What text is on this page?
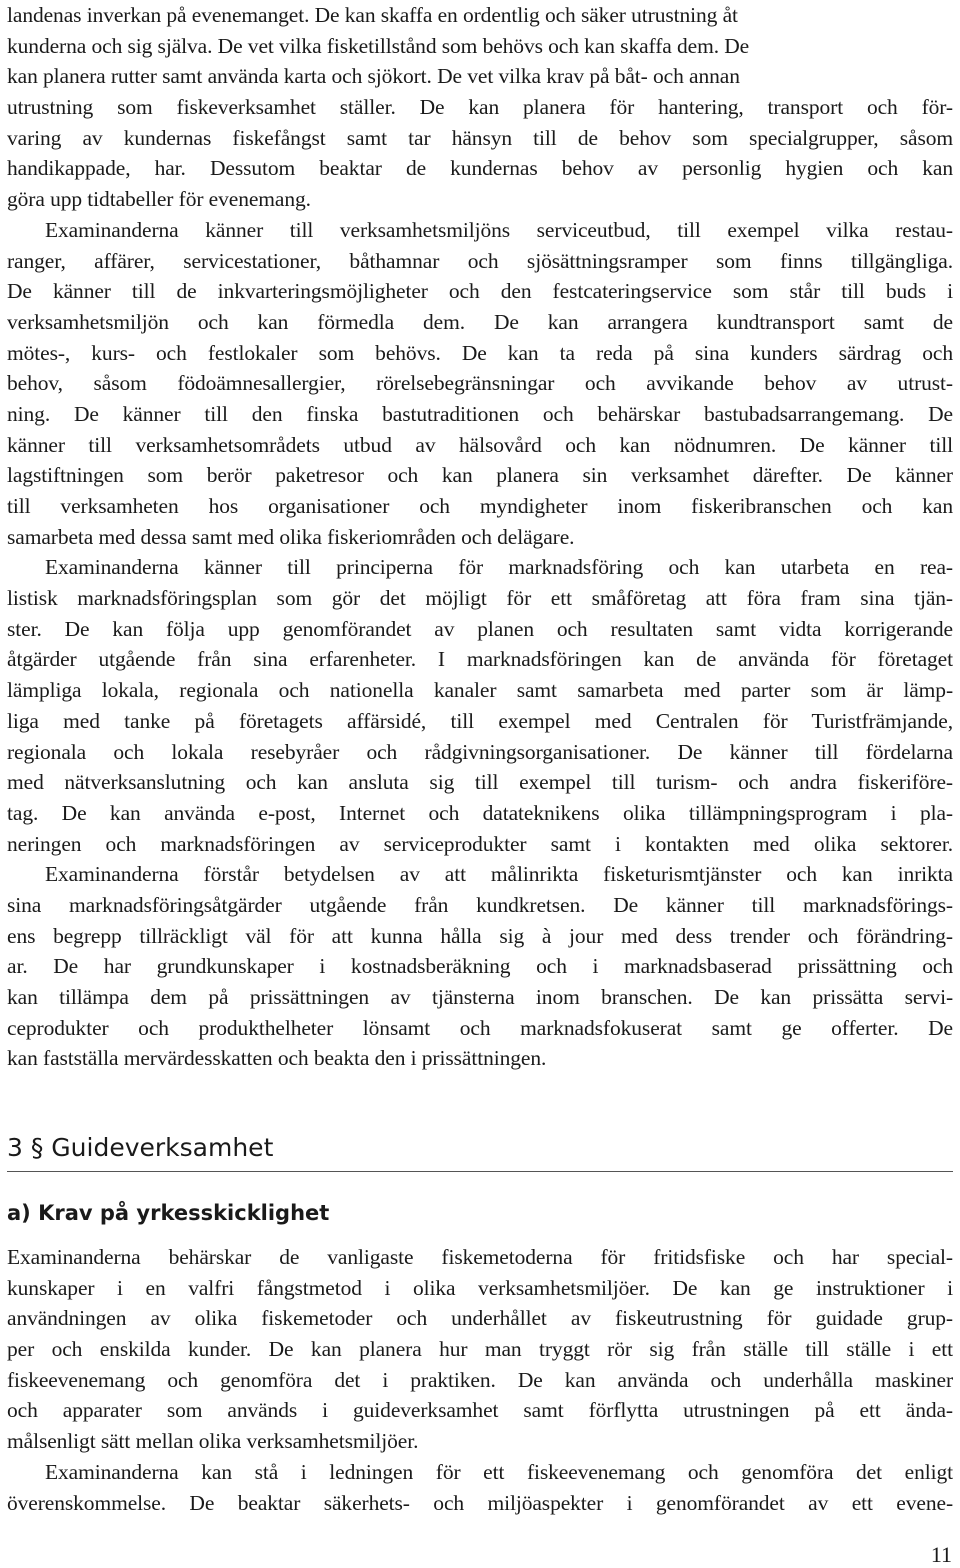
landenas inverkan på evenemanget. De kan skaffa en ordentlig och säker utrustning åt
kunderna och sig själva. De vet vilka fisketillstånd som behövs och kan skaffa dem. De
kan planera rutter samt använda karta och sjökort. De vet vilka krav på båt- och annan
utrustning som fiskeverksamhet ställer. De kan planera för hantering, transport och för-
varing av kundernas fiskefångst samt tar hänsyn till de behov som specialgrupper, såsom
handikappade, har. Dessutom beaktar de kundernas behov av personlig hygien och kan
göra upp tidtabeller för evenemang.
Examinanderna känner till verksamhetsmiljöns serviceutbud, till exempel vilka restau-
ranger, affärer, servicestationer, båthamnar och sjösättningsramper som finns tillgängliga.
De känner till de inkvarteringsmöjligheter och den festcateringservice som står till buds i
verksamhetsmiljön och kan förmedla dem. De kan arrangera kundtransport samt de
mötes-, kurs- och festlokaler som behövs. De kan ta reda på sina kunders särdrag och
behov, såsom födoämnesallergier, rörelsebegränsningar och avvikande behov av utrust-
ning. De känner till den finska bastutraditionen och behärskar bastubadsarrangemang. De
känner till verksamhetsområdets utbud av hälsovård och kan nödnumren. De känner till
lagstiftningen som berör paketresor och kan planera sin verksamhet därefter. De känner
till verksamheten hos organisationer och myndigheter inom fiskeribranschen och kan
samarbeta med dessa samt med olika fiskeriområden och delägare.
Examinanderna känner till principerna för marknadsföring och kan utarbeta en rea-
listisk marknadsföringsplan som gör det möjligt för ett småföretag att föra fram sina tjän-
ster. De kan följa upp genomförandet av planen och resultaten samt vidta korrigerande
åtgärder utgående från sina erfarenheter. I marknadsföringen kan de använda för företaget
lämpliga lokala, regionala och nationella kanaler samt samarbeta med parter som är lämp-
liga med tanke på företagets affärsidé, till exempel med Centralen för Turistfrämjande,
regionala och lokala resebyråer och rådgivningsorganisationer. De känner till fördelarna
med nätverksanslutning och kan ansluta sig till exempel till turism- och andra fiskeriföre-
tag. De kan använda e-post, Internet och datateknikens olika tillämpningsprogram i pla-
neringen och marknadsföringen av serviceprodukter samt i kontakten med olika sektorer.
Examinanderna förstår betydelsen av att målinrikta fisketurismtjänster och kan inrikta
sina marknadsföringsåtgärder utgående från kundkretsen. De känner till marknadsförings-
ens begrepp tillräckligt väl för att kunna hålla sig à jour med dess trender och förändring-
ar. De har grundkunskaper i kostnadsberäkning och i marknadsbaserad prissättning och
kan tillämpa dem på prissättningen av tjänsterna inom branschen. De kan prissätta servi-
ceprodukter och produkthelheter lönsamt och marknadsfokuserat samt ge offerter. De
kan fastställa mervärdesskatten och beakta den i prissättningen.
3 § Guideverksamhet
a) Krav på yrkesskicklighet
Examinanderna behärskar de vanligaste fiskemetoderna för fritidsfiske och har special-
kunskaper i en valfri fångstmetod i olika verksamhetsmiljöer. De kan ge instruktioner i
användningen av olika fiskemetoder och underhållet av fiskeutrustning för guidade grup-
per och enskilda kunder. De kan planera hur man tryggt rör sig från ställe till ställe i ett
fiskeevenemang och genomföra det i praktiken. De kan använda och underhålla maskiner
och apparater som används i guideverksamhet samt förflytta utrustningen på ett ända-
målsenligt sätt mellan olika verksamhetsmiljöer.
Examinanderna kan stå i ledningen för ett fiskeevenemang och genomföra det enligt
överenskommelse. De beaktar säkerhets- och miljöaspekter i genomförandet av ett evene-
11
